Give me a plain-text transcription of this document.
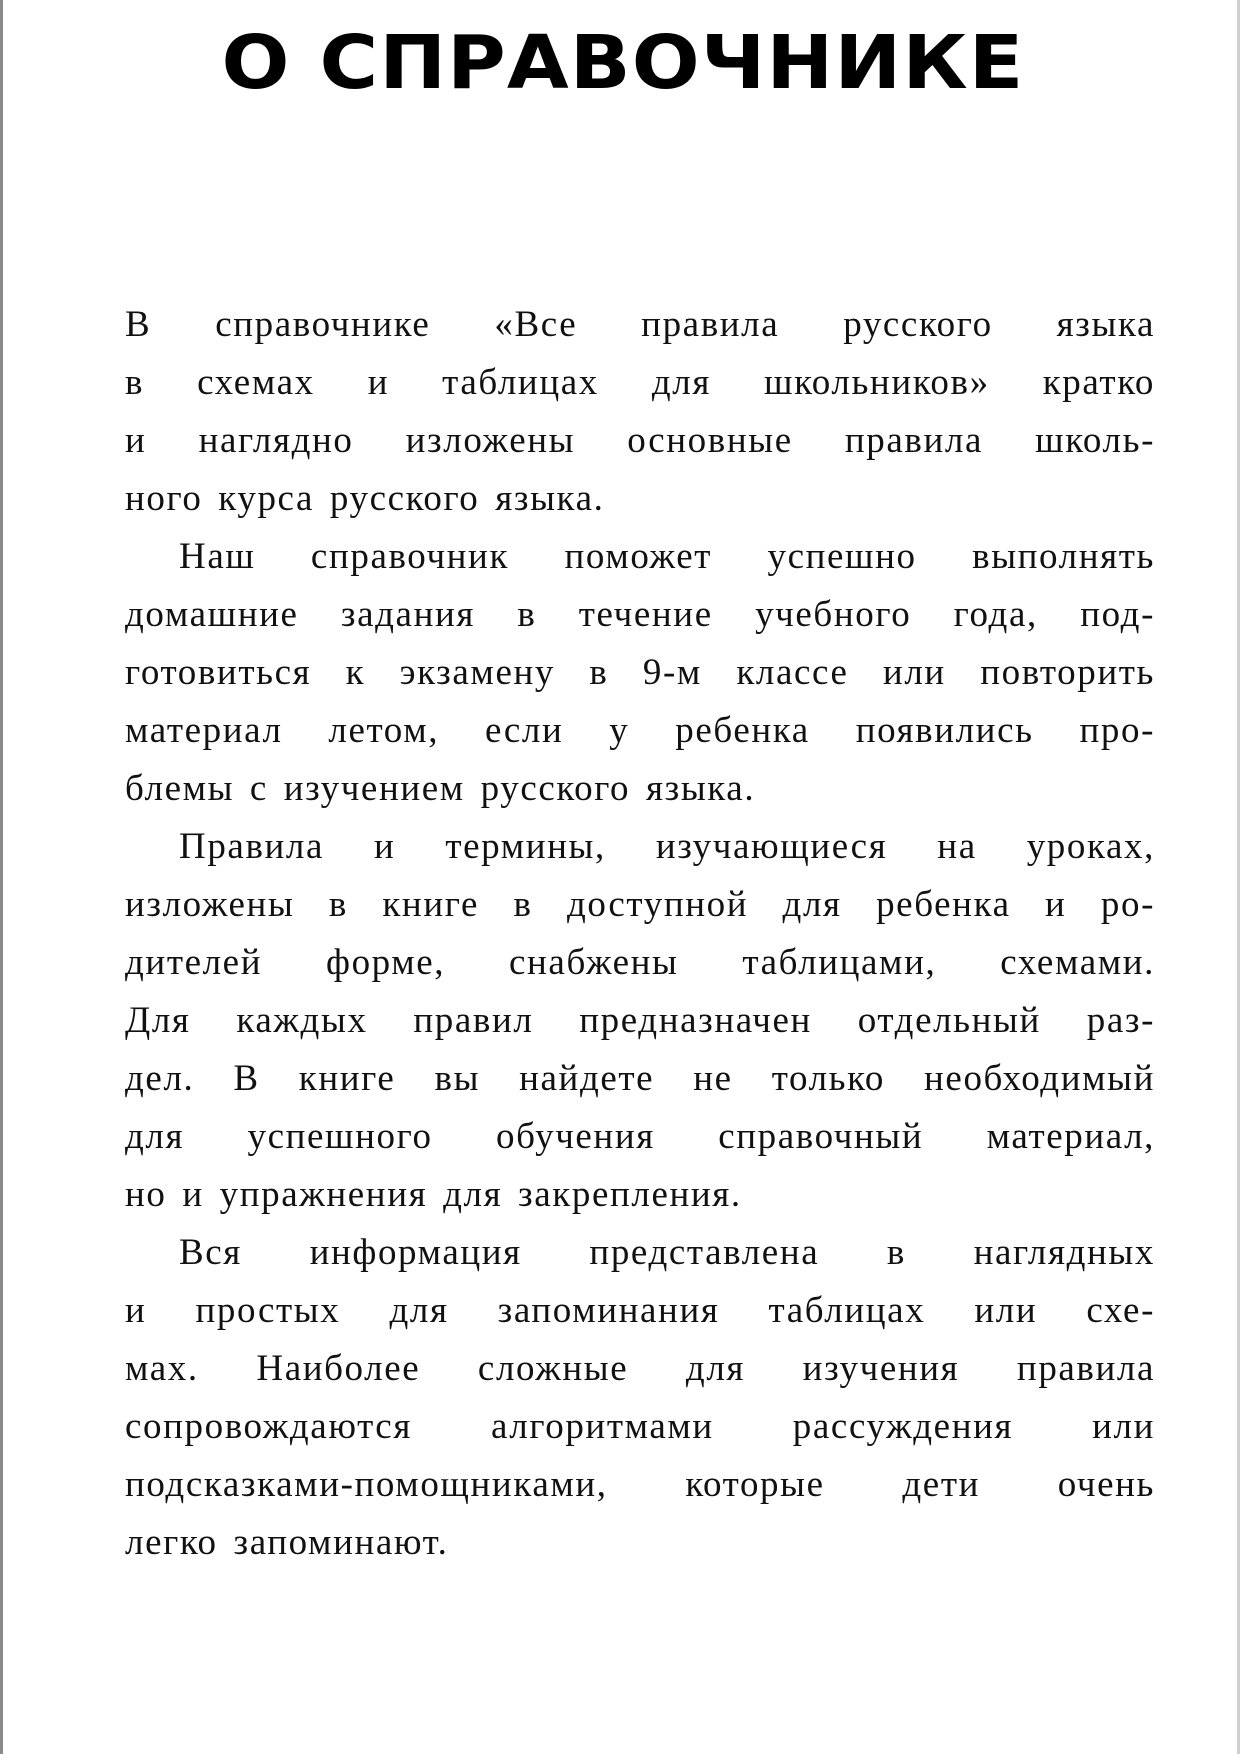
О СПРАВОЧНИКЕ
В справочнике «Все правила русского языка
в схемах и таблицах для школьников» кратко
и наглядно изложены основные правила школь-
ного курса русского языка.
Наш справочник поможет успешно выполнять
домашние задания в течение учебного года, под-
готовиться к экзамену в 9-м классе или повторить
материал летом, если у ребенка появились про-
блемы с изучением русского языка.
Правила и термины, изучающиеся на уроках,
изложены в книге в доступной для ребенка и ро-
дителей форме, снабжены таблицами, схемами.
Для каждых правил предназначен отдельный раз-
дел. В книге вы найдете не только необходимый
для успешного обучения справочный материал,
но и упражнения для закрепления.
Вся информация представлена в наглядных
и простых для запоминания таблицах или схе-
мах. Наиболее сложные для изучения правила
сопровождаются алгоритмами рассуждения или
подсказками-помощниками, которые дети очень
легко запоминают.
